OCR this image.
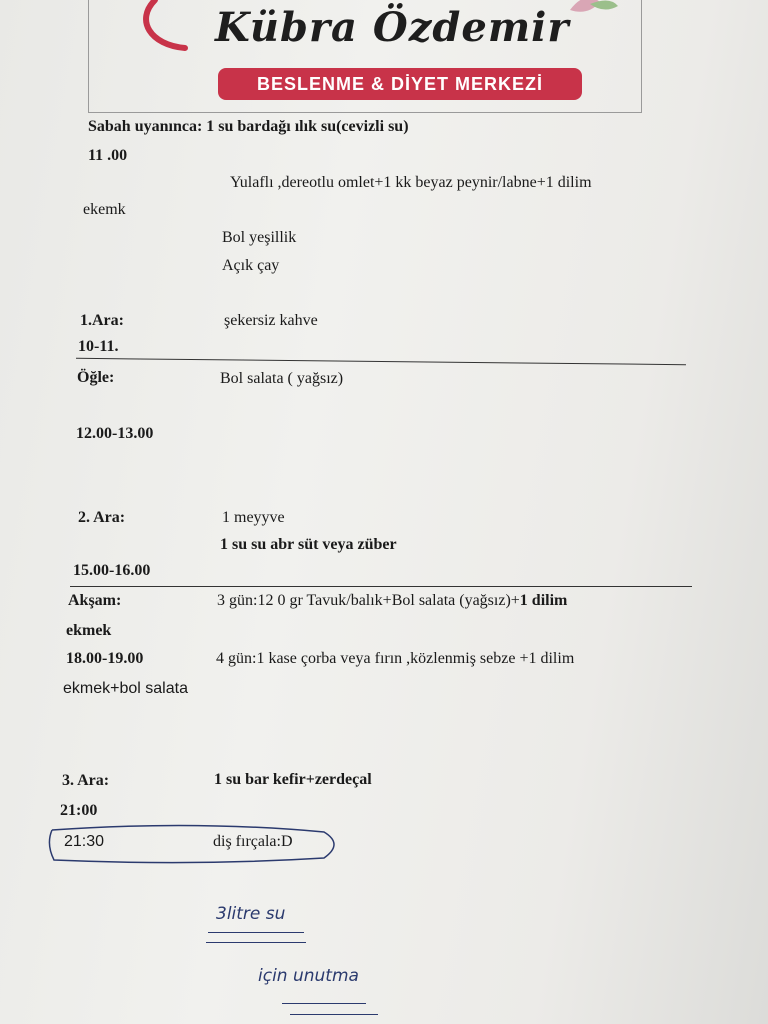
Kübra Özdemir
BESLENME & DİYET MERKEZİ
Sabah uyanınca: 1 su bardağı ılık su(cevizli su)
11 .00
Yulaflı ,dereotlu omlet+1 kk beyaz peynir/labne+1 dilim
ekemk
Bol yeşillik
Açık çay
1.Ara:	şekersiz kahve
10-11.
Öğle:	Bol salata ( yağsız)
12.00-13.00
2. Ara:	1 meyyve
1 su su abr süt veya züber
15.00-16.00
Akşam:	3 gün:12 0 gr Tavuk/balık+Bol salata (yağsız)+1 dilim
ekmek
18.00-19.00	4 gün:1 kase çorba veya fırın ,közlenmiş sebze +1 dilim
ekmek+bol salata
3. Ara:	1 su bar kefir+zerdeçal
21:00
21:30	diş fırçala:D
3litre su
için unutma
